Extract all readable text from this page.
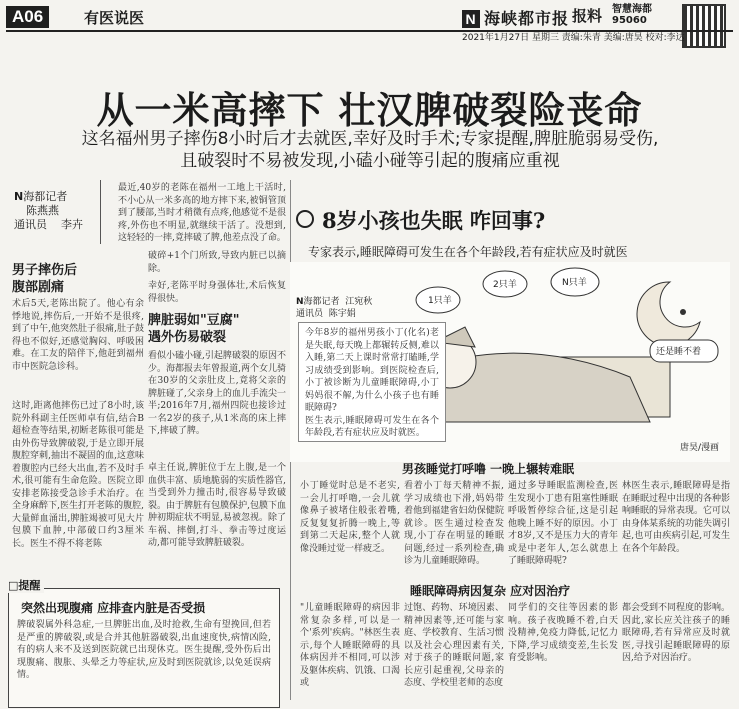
A06	有医说医	N 海峡都市报 报料 智慧海都
95060
2021年1月27日 星期三 责编:朱青 美编:唐昊 校对:李达
从一米高摔下 壮汉脾破裂险丧命
这名福州男子摔伤8小时后才去就医,幸好及时手术;专家提醒,脾脏脆弱易受伤,
且破裂时不易被发现,小磕小碰等引起的腹痛应重视
N海都记者
陈燕燕
通讯员 李卉
最近,40岁的老陈在福州一工地上干活时,不小心从一米多高的地方摔下来,被铜管顶到了腰部,当时才稍微有点疼,他感觉不是很疼,外伤也不明显,就继续干活了。没想到,这轻轻的一摔,竟摔破了脾,他差点没了命。
男子摔伤后
腹部剧痛
术后5天,老陈出院了。他心有余悸地说,摔伤后,一开始不是很疼,到了中午,他突然肚子很痛,肚子鼓得也不似好,还感觉胸闷、呼吸困难。在工友的陪伴下,他赶到福州市中医院急诊科。
这时,距离他摔伤已过了8小时,该院外科副主任医师卓有信,结合B超检查等结果,初断老陈很可能是由外伤导致脾破裂,于是立即开展腹腔穿刺,抽出不凝固的血,这意味着腹腔内已经大出血,若不及时手术,很可能有生命危险。医院立即安排老陈接受急诊手术治疗。在全身麻醉下,医生打开老陈的腹腔,大量鲜血涌出,脾脏竭被可见大片包膜下血肿,中部破口约3厘米长。医生不得不将老陈
破碎+1个门所致,导致内脏已以摘除。
幸好,老陈平时身强体壮,术后恢复得很快。
脾脏弱如"豆腐"
遇外伤易破裂
看似小磕小碰,引起脾破裂的原因不少。海都报去年曾报道,两个女儿骑在30岁的父亲肚皮上,竟将父亲的脾脏碰了,父亲身上的血儿手流尖一半;2016年7月,福州四院也接诊过一名2岁的孩子,从1米高的床上摔下,摔破了脾。
卓主任说,脾脏位于左上腹,是一个血供丰富、质地脆弱的实质性器官,当受到外力撞击时,很容易导致破裂。由于脾脏有包膜保护,包膜下血肿初期症状不明显,易被忽视。除了车祸、摔倒,打斗、拳击等过度运动,都可能导致脾脏破裂。
□提醒
突然出现腹痛 应排查内脏是否受损
脾破裂属外科急症,一旦脾脏出血,及时抢救,生命有望挽回,但若是严重的脾破裂,或是合并其他脏器破裂,出血速度快,病情凶险,有的病人来不及送到医院就已出现休克。医生提醒,受外伤后出现腹痛、腹胀、头晕乏力等症状,应及时到医院就诊,以免延误病情。
8岁小孩也失眠 咋回事?
专家表示,睡眠障碍可发生在各个年龄段,若有症状应及时就医
1只羊
2只羊	N只羊
还是睡不着
唐昊/漫画
N海都记者 江宛秋
通讯员 陈宇娟
今年8岁的福州男孩小丁(化名)老是失眠,每天晚上都辗转反侧,难以入睡,第二天上课时常常打瞌睡,学习成绩受到影响。到医院检查后,小丁被诊断为儿童睡眠障碍,小丁妈妈很不解,为什么小孩子也有睡眠障碍?
医生表示,睡眠障碍可发生在各个年龄段,若有症状应及时就医。
男孩睡觉打呼噜 一晚上辗转难眠
小丁睡觉时总是不老实,一会儿打呼噜,一会儿就像鼻子被堵住般张着嘴,反复复复折腾一晚上,等到第二天起床,整个人就像没睡过觉一样疲乏。
看着小丁每天精神不振,学习成绩也下滑,妈妈带着他到福建省妇幼保健院就诊。医生通过检查发现,小丁存在明显的睡眠问题,经过一系列检查,确诊为儿童睡眠障碍。
通过多导睡眠监测检查,医生发现小丁患有阻塞性睡眠呼吸暂停综合征,这是引起他晚上睡不好的原因。小丁才8岁,又不是压力大的青年或是中老年人,怎么就患上了睡眠障碍呢?
林医生表示,睡眠障碍是指在睡眠过程中出现的各种影响睡眠的异常表现。它可以由身体某系统的功能失调引起,也可由疾病引起,可发生在各个年龄段。
睡眠障碍病因复杂 应对因治疗
"儿童睡眠障碍的病因非常复杂多样,可以是一个'系列'疾病。"林医生表示,每个人睡眠障碍的具体病因并不相同,可以涉及躯体疾病、饥饿、口渴或
过饱、药物、环境因素、精神因素等,还可能与家庭、学校教育、生活习惯以及社会心理因素有关,对于孩子的睡眠问题,家长应引起重视,父母亲的态度、学校里老师的态度
同学们的交往等因素的影响。孩子夜晚睡不着,白天没精神,免疫力降低,记忆力下降,学习成绩变差,生长发育受影响。
都会受到不同程度的影响。因此,家长应关注孩子的睡眠障碍,若有异常应及时就医,寻找引起睡眠障碍的原因,给予对因治疗。
